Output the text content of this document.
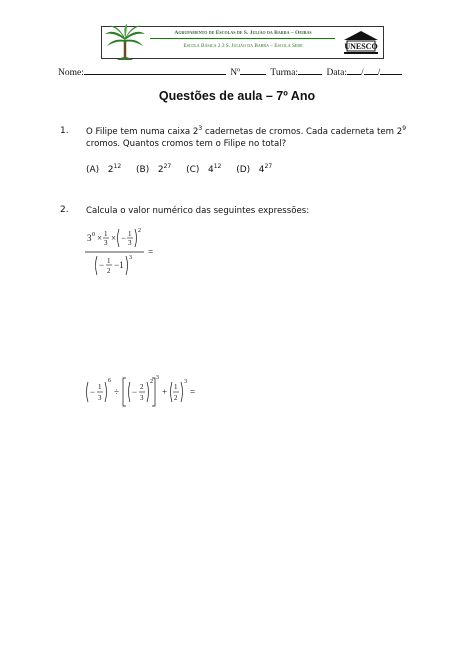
Agrupamento de Escolas de S. Julião da Barra – Oeiras
Escola Básica 2.3 S. Julião da Barra – Escola Sede	UNESCO
Nome:	Nº	Turma:	Data: / /
Questões de aula – 7º Ano
1. O Filipe tem numa caixa $2^3$ cadernetas de cromos. Cada caderneta tem $2^9$
cromos. Quantos cromos tem o Filipe no total?
(A) $2^{12}$ (B) $2^{27}$ (C) $4^{12}$ (D) $4^{27}$
2. Calcula o valor numérico das seguintes expressões:
3 0 × 1
3 × − 1
3
2
− 1
2
−1
3
=
− 1
3
6
÷ − 2
3
2
3
+ 1
2
3
=
